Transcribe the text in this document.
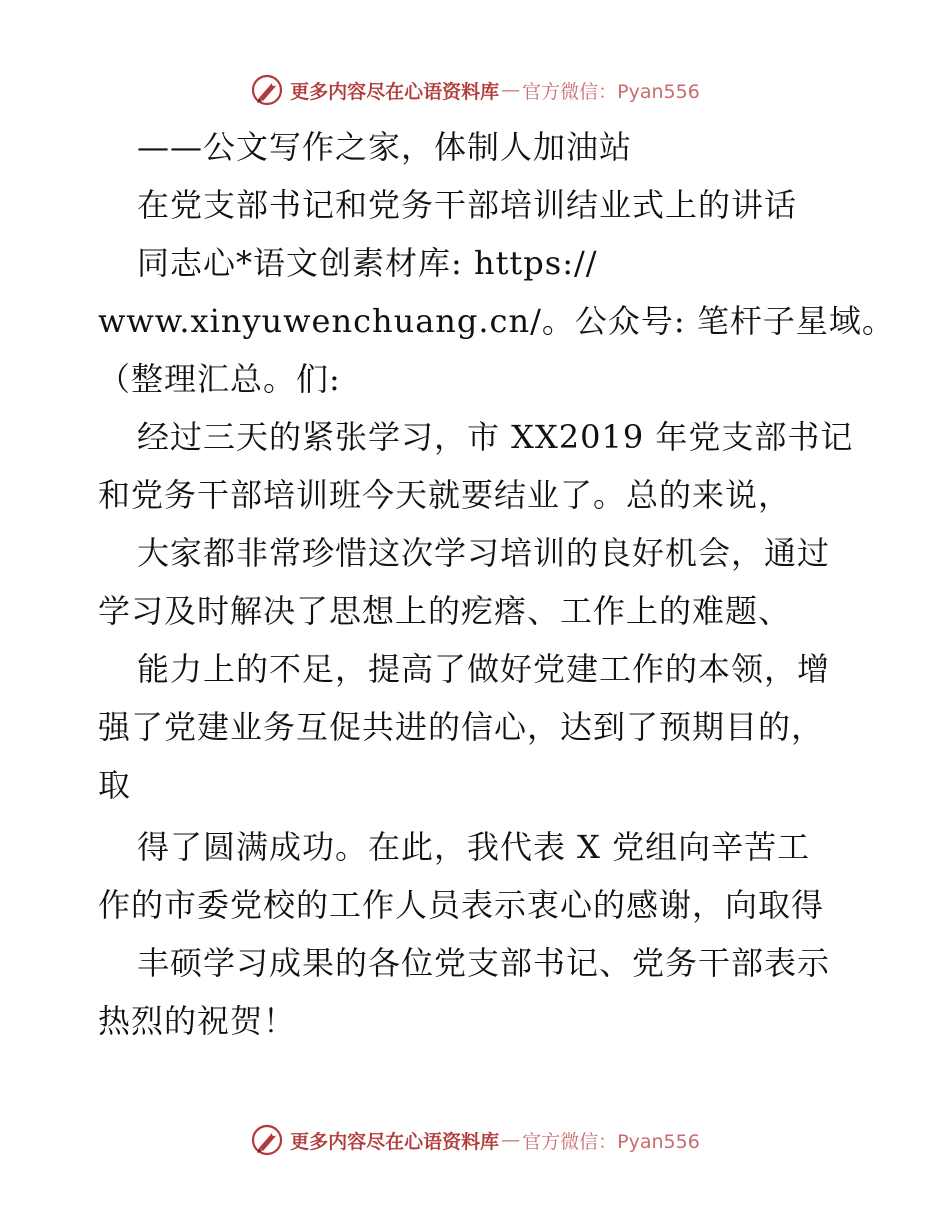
更多内容尽在心语资料库 — 官方微信：Pyan556
——公文写作之家，体制人加油站
在党支部书记和党务干部培训结业式上的讲话
同志心*语文创素材库: https://
www.xinyuwenchuang.cn/。公众号: 笔杆子星域。
（整理汇总。们:
经过三天的紧张学习，市 XX2019 年党支部书记
和党务干部培训班今天就要结业了。总的来说，
大家都非常珍惜这次学习培训的良好机会，通过
学习及时解决了思想上的疙瘩、工作上的难题、
能力上的不足，提高了做好党建工作的本领，增
强了党建业务互促共进的信心，达到了预期目的，
取
得了圆满成功。在此，我代表 X 党组向辛苦工
作的市委党校的工作人员表示衷心的感谢，向取得
丰硕学习成果的各位党支部书记、党务干部表示
热烈的祝贺！
更多内容尽在心语资料库 — 官方微信：Pyan556
